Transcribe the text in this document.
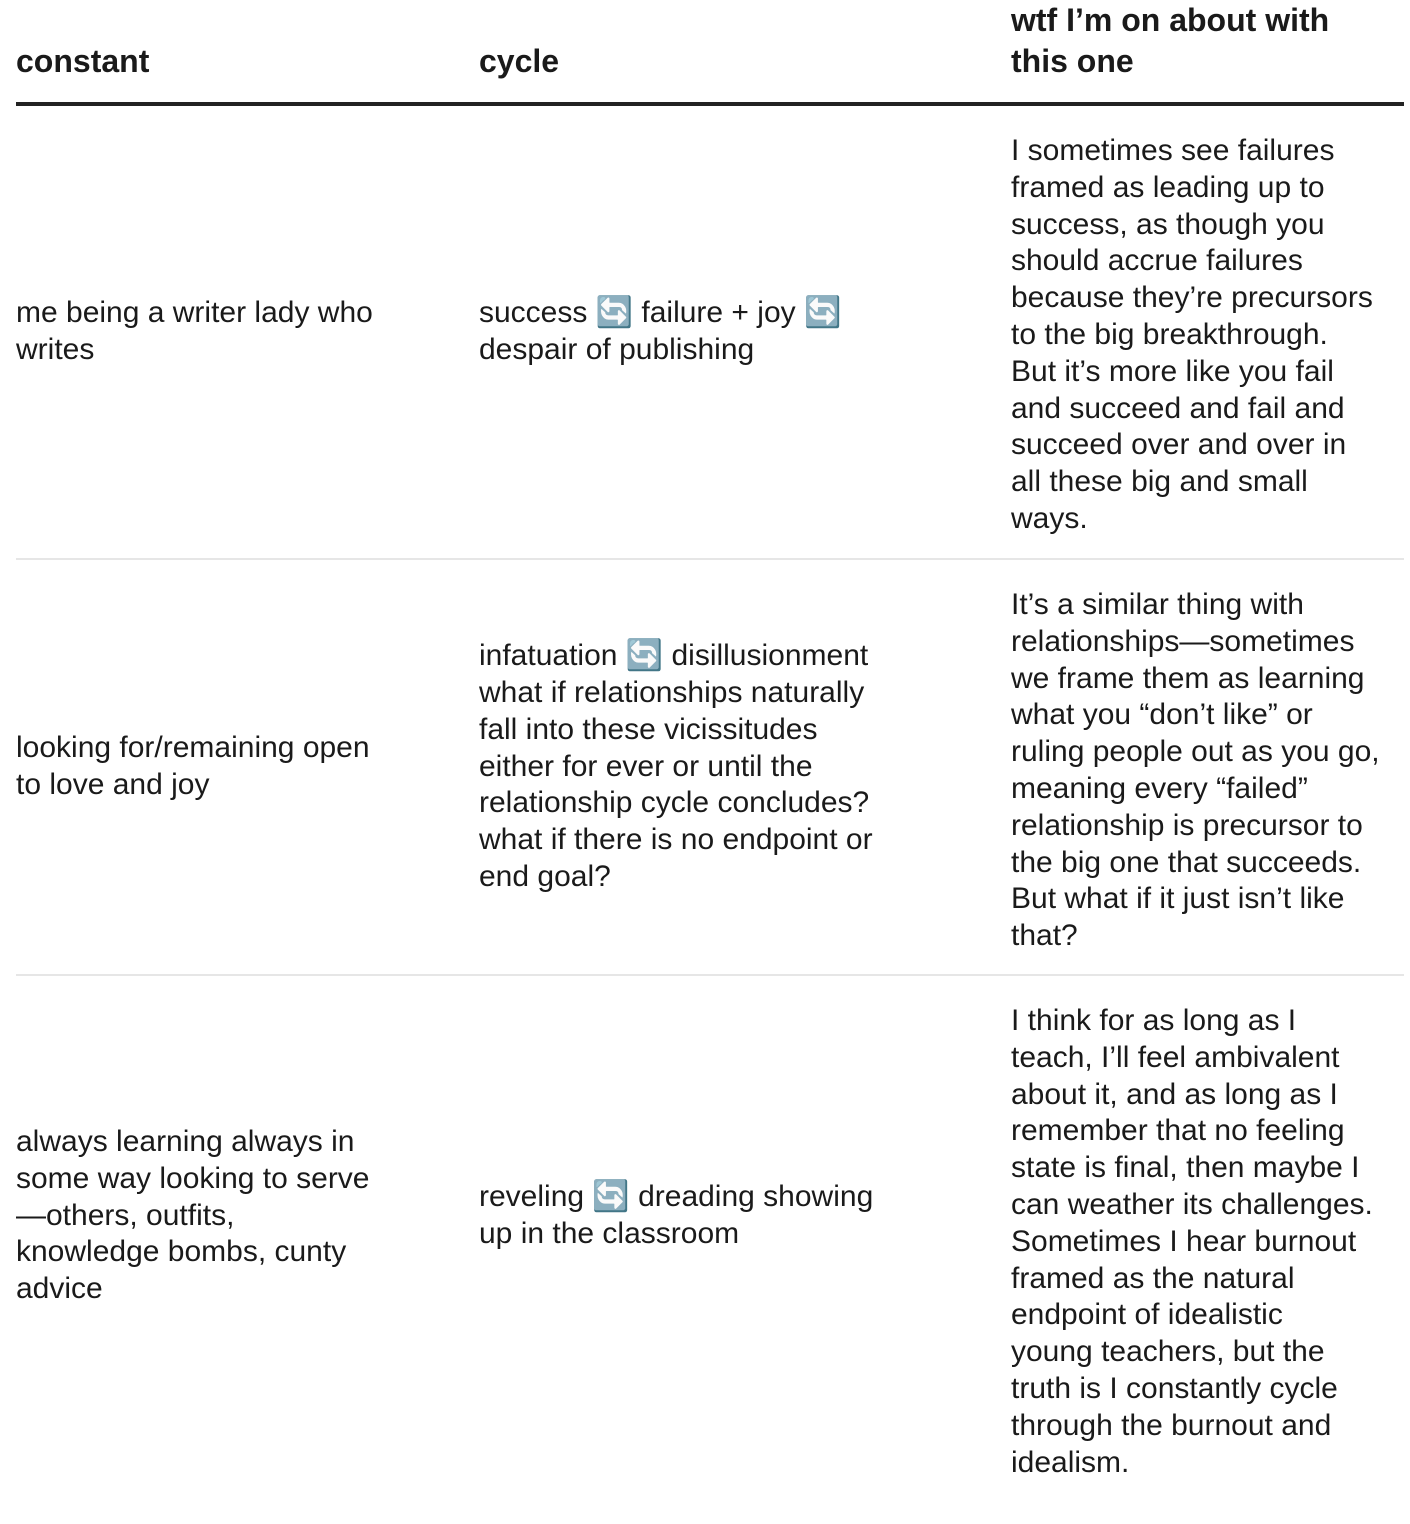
constant	cycle
wtf I’m on about with
this one
me being a writer lady who
writes
success 🔄 failure + joy 🔄
despair of publishing
I sometimes see failures
framed as leading up to
success, as though you
should accrue failures
because they’re precursors
to the big breakthrough.
But it’s more like you fail
and succeed and fail and
succeed over and over in
all these big and small
ways.
looking for/remaining open
to love and joy
infatuation 🔄 disillusionment
what if relationships naturally
fall into these vicissitudes
either for ever or until the
relationship cycle concludes?
what if there is no endpoint or
end goal?
It’s a similar thing with
relationships—sometimes
we frame them as learning
what you “don’t like” or
ruling people out as you go,
meaning every “failed”
relationship is precursor to
the big one that succeeds.
But what if it just isn’t like
that?
always learning always in
some way looking to serve
—others, outfits,
knowledge bombs, cunty
advice
reveling 🔄 dreading showing
up in the classroom
I think for as long as I
teach, I’ll feel ambivalent
about it, and as long as I
remember that no feeling
state is final, then maybe I
can weather its challenges.
Sometimes I hear burnout
framed as the natural
endpoint of idealistic
young teachers, but the
truth is I constantly cycle
through the burnout and
idealism.
